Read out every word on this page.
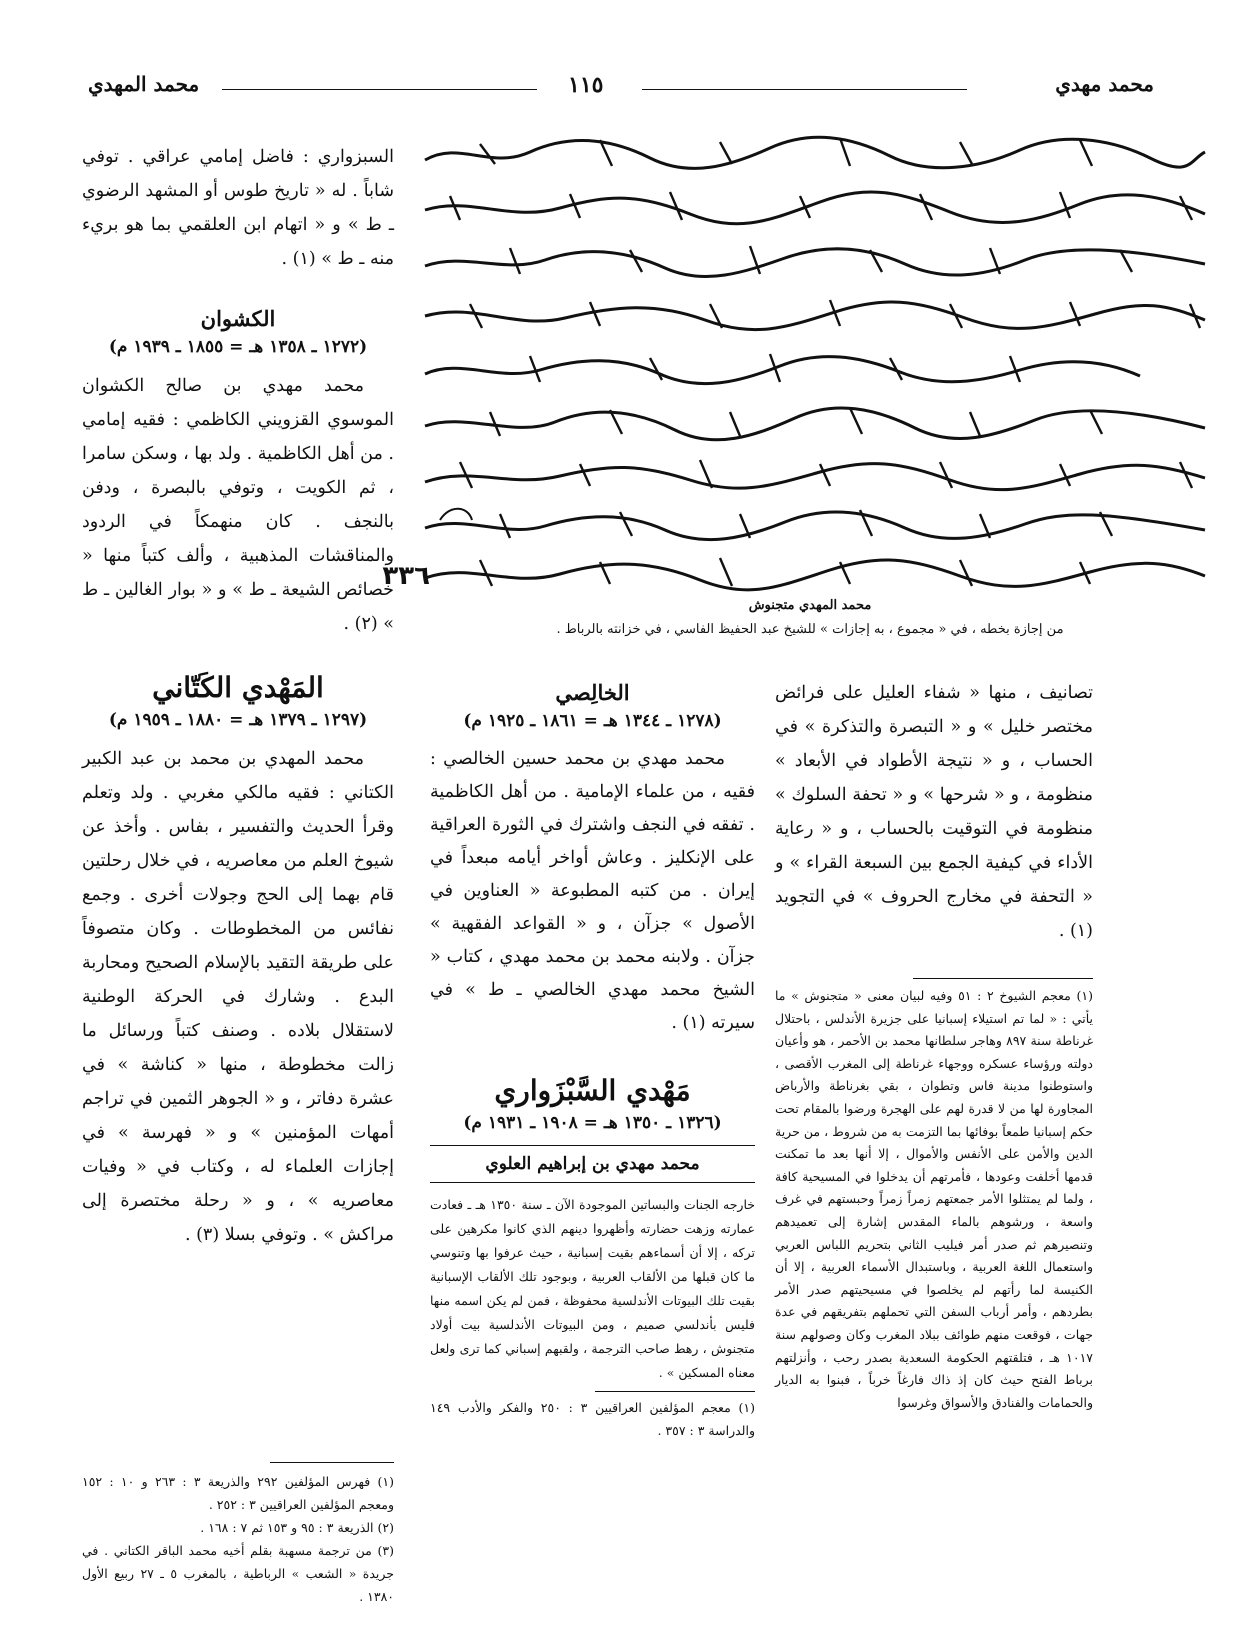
محمد المهدي	١١٥	محمد مهدي
٣٣٦
محمد المهدي متجنوش
من إجازة بخطه ، في « مجموع ، به إجازات » للشيخ عبد الحفيظ الفاسي ، في خزانته بالرباط .

السبزواري : فاضل إمامي عراقي . توفي شاباً . له « تاريخ طوس أو المشهد الرضوي ـ ط » و « اتهام ابن العلقمي بما هو بريء منه ـ ط » (١) .

الكشوان
(١٢٧٢ ـ ١٣٥٨ هـ = ١٨٥٥ ـ ١٩٣٩ م)

محمد مهدي بن صالح الكشوان الموسوي القزويني الكاظمي : فقيه إمامي . من أهل الكاظمية . ولد بها ، وسكن سامرا ، ثم الكويت ، وتوفي بالبصرة ، ودفن بالنجف . كان منهمكاً في الردود والمناقشات المذهبية ، وألف كتباً منها « خصائص الشيعة ـ ط » و « بوار الغالين ـ ط » (٢) .

المَهْدي الكَتّاني
(١٢٩٧ ـ ١٣٧٩ هـ = ١٨٨٠ ـ ١٩٥٩ م)

محمد المهدي بن محمد بن عبد الكبير الكتاني : فقيه مالكي مغربي . ولد وتعلم وقرأ الحديث والتفسير ، بفاس . وأخذ عن شيوخ العلم من معاصريه ، في خلال رحلتين قام بهما إلى الحج وجولات أخرى . وجمع نفائس من المخطوطات . وكان متصوفاً على طريقة التقيد بالإسلام الصحيح ومحاربة البدع . وشارك في الحركة الوطنية لاستقلال بلاده . وصنف كتباً ورسائل ما زالت مخطوطة ، منها « كناشة » في عشرة دفاتر ، و « الجوهر الثمين في تراجم أمهات المؤمنين » و « فهرسة » في إجازات العلماء له ، وكتاب في « وفيات معاصريه » ، و « رحلة مختصرة إلى مراكش » . وتوفي بسلا (٣) .

(١) فهرس المؤلفين ٢٩٢ والذريعة ٣ : ٢٦٣ و ١٠ : ١٥٢ ومعجم المؤلفين العراقيين ٣ : ٢٥٢ .

(٢) الذريعة ٣ : ٩٥ و ١٥٣ ثم ٧ : ١٦٨ .

(٣) من ترجمة مسهبة بقلم أخيه محمد الباقر الكتاني . في جريدة « الشعب » الرباطية ، بالمغرب ٥ ـ ٢٧ ربيع الأول ١٣٨٠ .

الخالِصي
(١٢٧٨ ـ ١٣٤٤ هـ = ١٨٦١ ـ ١٩٢٥ م)

محمد مهدي بن محمد حسين الخالصي : فقيه ، من علماء الإمامية . من أهل الكاظمية . تفقه في النجف واشترك في الثورة العراقية على الإنكليز . وعاش أواخر أيامه مبعداً في إيران . من كتبه المطبوعة « العناوين في الأصول » جزآن ، و « القواعد الفقهية » جزآن . ولابنه محمد بن محمد مهدي ، كتاب « الشيخ محمد مهدي الخالصي ـ ط » في سيرته (١) .

مَهْدي السَّبْزَواري
(١٣٢٦ ـ ١٣٥٠ هـ = ١٩٠٨ ـ ١٩٣١ م)
محمد مهدي بن إبراهيم العلوي

خارجه الجنات والبساتين الموجودة الآن ـ سنة ١٣٥٠ هـ ـ فعادت عمارته وزهت حضارته وأظهروا دينهم الذي كانوا مكرهين على تركه ، إلا أن أسماءهم بقيت إسبانية ، حيث عرفوا بها وتنوسي ما كان قبلها من الألقاب العربية ، وبوجود تلك الألقاب الإسبانية بقيت تلك البيوتات الأندلسية محفوظة ، فمن لم يكن اسمه منها فليس بأندلسي صميم ، ومن البيوتات الأندلسية بيت أولاد متجنوش ، رهط صاحب الترجمة ، ولقبهم إسباني كما ترى ولعل معناه المسكين » .

(١) معجم المؤلفين العراقيين ٣ : ٢٥٠ والفكر والأدب ١٤٩ والدراسة ٣ : ٣٥٧ .

تصانيف ، منها « شفاء العليل على فرائض مختصر خليل » و « التبصرة والتذكرة » في الحساب ، و « نتيجة الأطواد في الأبعاد » منظومة ، و « شرحها » و « تحفة السلوك » منظومة في التوقيت بالحساب ، و « رعاية الأداء في كيفية الجمع بين السبعة القراء » و « التحفة في مخارج الحروف » في التجويد (١) .

(١) معجم الشيوخ ٢ : ٥١ وفيه لبيان معنى « متجنوش » ما يأتي : « لما تم استيلاء إسبانيا على جزيرة الأندلس ، باحتلال غرناطة سنة ٨٩٧ وهاجر سلطانها محمد بن الأحمر ، هو وأعيان دولته ورؤساء عسكره ووجهاء غرناطة إلى المغرب الأقصى ، واستوطنوا مدينة فاس وتطوان ، بقي بغرناطة والأرباض المجاورة لها من لا قدرة لهم على الهجرة ورضوا بالمقام تحت حكم إسبانيا طمعاً بوفائها بما التزمت به من شروط ، من حرية الدين والأمن على الأنفس والأموال ، إلا أنها بعد ما تمكنت قدمها أخلفت وعودها ، فأمرتهم أن يدخلوا في المسيحية كافة ، ولما لم يمتثلوا الأمر جمعتهم زمراً زمراً وحبستهم في غرف واسعة ، ورشوهم بالماء المقدس إشارة إلى تعميدهم وتنصيرهم ثم صدر أمر فيليب الثاني بتحريم اللباس العربي واستعمال اللغة العربية ، وباستبدال الأسماء العربية ، إلا أن الكنيسة لما رأتهم لم يخلصوا في مسيحيتهم صدر الأمر بطردهم ، وأمر أرباب السفن التي تحملهم بتفريقهم في عدة جهات ، فوقعت منهم طوائف ببلاد المغرب وكان وصولهم سنة ١٠١٧ هـ ، فتلقتهم الحكومة السعدية بصدر رحب ، وأنزلتهم برباط الفتح حيث كان إذ ذاك فارغاً خرباً ، فبنوا به الديار والحمامات والفنادق والأسواق وغرسوا
